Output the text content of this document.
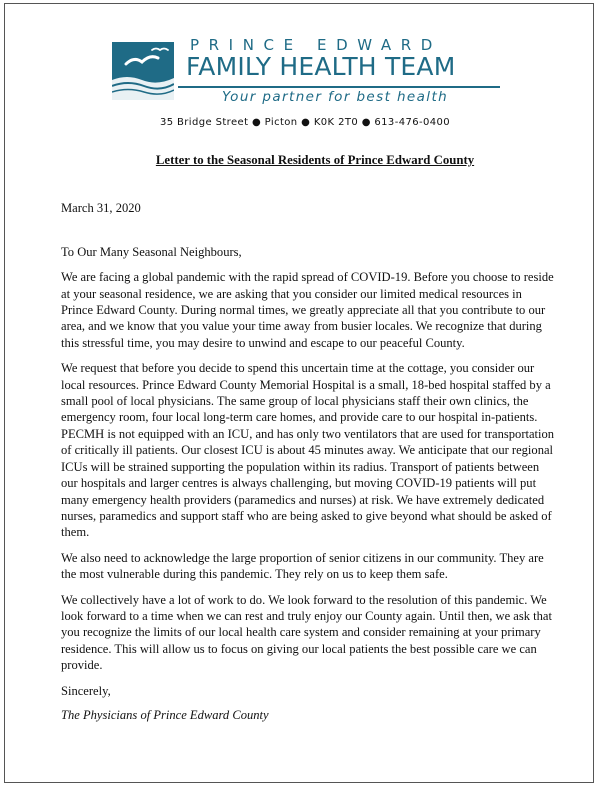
PRINCE EDWARD
FAMILY HEALTH TEAM
Your partner for best health
35 Bridge Street ● Picton ● K0K 2T0 ● 613-476-0400

Letter to the Seasonal Residents of Prince Edward County

March 31, 2020

To Our Many Seasonal Neighbours,

We are facing a global pandemic with the rapid spread of COVID-19. Before you choose to reside at your seasonal residence, we are asking that you consider our limited medical resources in Prince Edward County. During normal times, we greatly appreciate all that you contribute to our area, and we know that you value your time away from busier locales. We recognize that during this stressful time, you may desire to unwind and escape to our peaceful County.

We request that before you decide to spend this uncertain time at the cottage, you consider our local resources. Prince Edward County Memorial Hospital is a small, 18-bed hospital staffed by a small pool of local physicians. The same group of local physicians staff their own clinics, the emergency room, four local long-term care homes, and provide care to our hospital in-patients. PECMH is not equipped with an ICU, and has only two ventilators that are used for transportation of critically ill patients. Our closest ICU is about 45 minutes away. We anticipate that our regional ICUs will be strained supporting the population within its radius. Transport of patients between our hospitals and larger centres is always challenging, but moving COVID-19 patients will put many emergency health providers (paramedics and nurses) at risk. We have extremely dedicated nurses, paramedics and support staff who are being asked to give beyond what should be asked of them.

We also need to acknowledge the large proportion of senior citizens in our community. They are the most vulnerable during this pandemic. They rely on us to keep them safe.

We collectively have a lot of work to do. We look forward to the resolution of this pandemic. We look forward to a time when we can rest and truly enjoy our County again. Until then, we ask that you recognize the limits of our local health care system and consider remaining at your primary residence. This will allow us to focus on giving our local patients the best possible care we can provide.

Sincerely,

The Physicians of Prince Edward County
